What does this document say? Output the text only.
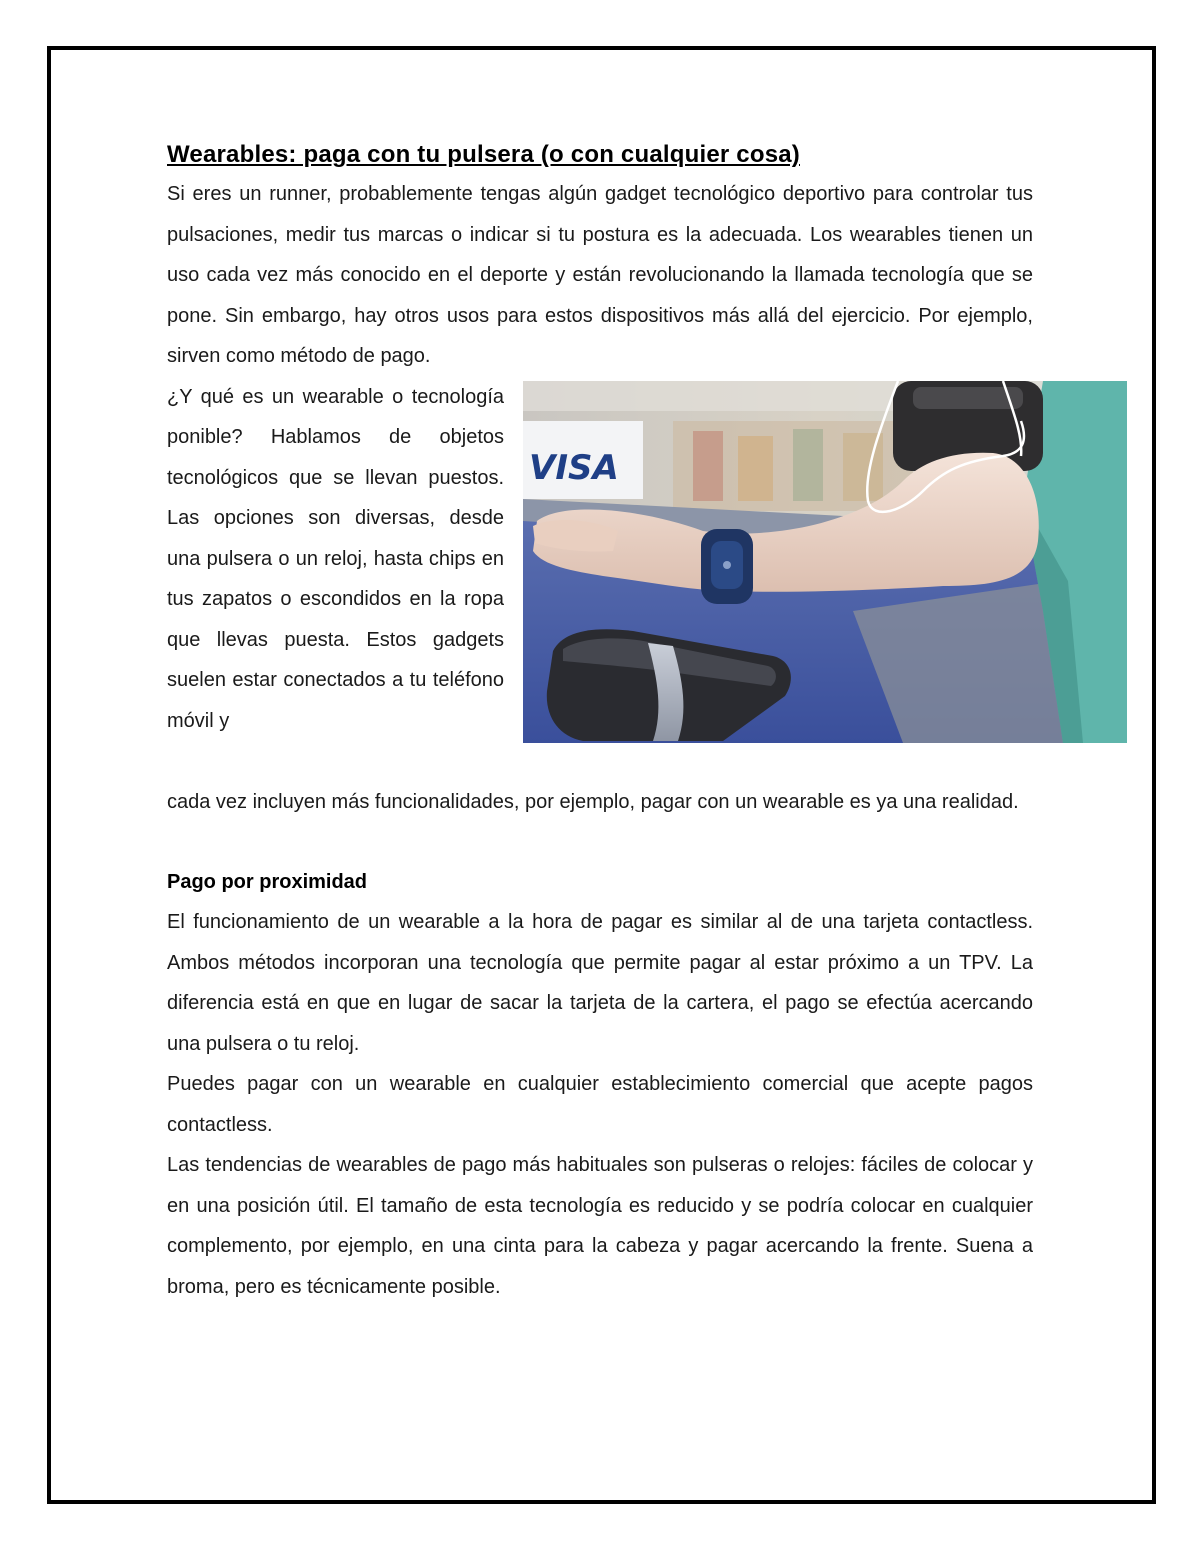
Wearables: paga con tu pulsera (o con cualquier cosa)

Si eres un runner, probablemente tengas algún gadget tecnológico deportivo para controlar tus pulsaciones, medir tus marcas o indicar si tu postura es la adecuada. Los wearables tienen un uso cada vez más conocido en el deporte y están revolucionando la llamada tecnología que se pone. Sin embargo, hay otros usos para estos dispositivos más allá del ejercicio. Por ejemplo, sirven como método de pago.

¿Y qué es un wearable o tecnología ponible? Hablamos de objetos tecnológicos que se llevan puestos. Las opciones son diversas, desde una pulsera o un reloj, hasta chips en tus zapatos o escondidos en la ropa que llevas puesta. Estos gadgets suelen estar conectados a tu teléfono móvil y

VISA

cada vez incluyen más funcionalidades, por ejemplo, pagar con un wearable es ya una realidad.

Pago por proximidad

El funcionamiento de un wearable a la hora de pagar es similar al de una tarjeta contactless. Ambos métodos incorporan una tecnología que permite pagar al estar próximo a un TPV. La diferencia está en que en lugar de sacar la tarjeta de la cartera, el pago se efectúa acercando una pulsera o tu reloj.

Puedes pagar con un wearable en cualquier establecimiento comercial que acepte pagos contactless.

Las tendencias de wearables de pago más habituales son pulseras o relojes: fáciles de colocar y en una posición útil. El tamaño de esta tecnología es reducido y se podría colocar en cualquier complemento, por ejemplo, en una cinta para la cabeza y pagar acercando la frente. Suena a broma, pero es técnicamente posible.
